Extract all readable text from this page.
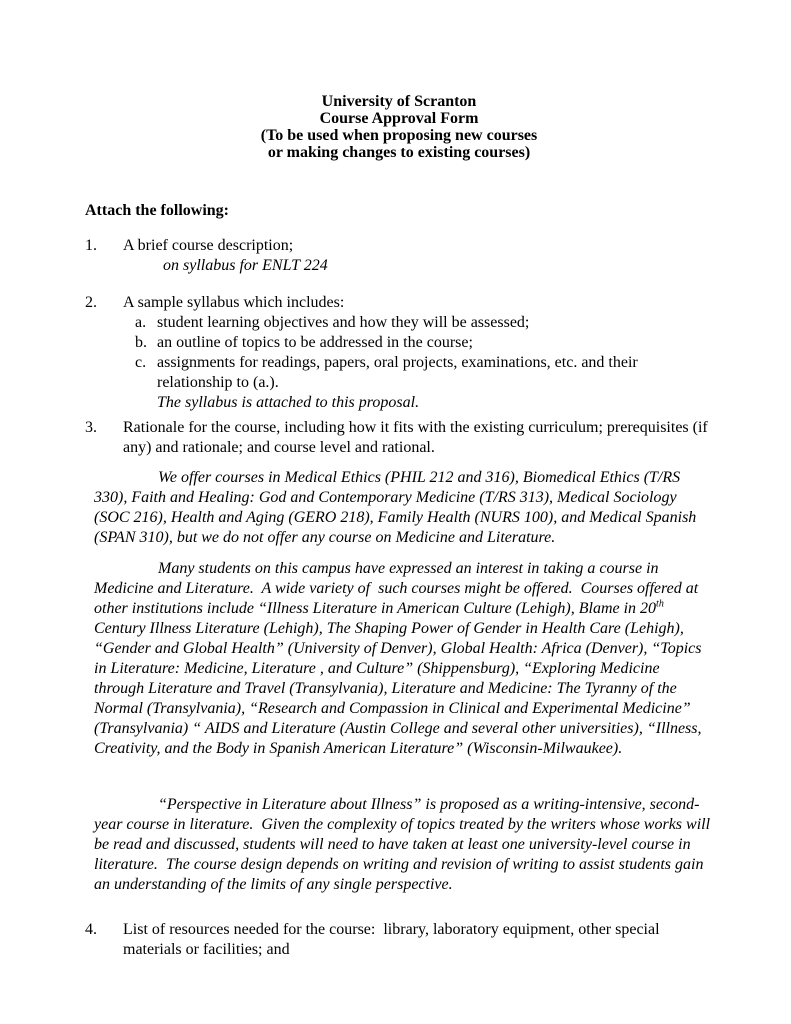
University of Scranton
Course Approval Form
(To be used when proposing new courses
or making changes to existing courses)

Attach the following:

1. A brief course description;
on syllabus for ENLT 224
2. A sample syllabus which includes:
a. student learning objectives and how they will be assessed;
b. an outline of topics to be addressed in the course;
c. assignments for readings, papers, oral projects, examinations, etc. and their relationship to (a.).
The syllabus is attached to this proposal.
3. Rationale for the course, including how it fits with the existing curriculum; prerequisites (if any) and rationale; and course level and rational.

We offer courses in Medical Ethics (PHIL 212 and 316), Biomedical Ethics (T/RS 330), Faith and Healing: God and Contemporary Medicine (T/RS 313), Medical Sociology (SOC 216), Health and Aging (GERO 218), Family Health (NURS 100), and Medical Spanish (SPAN 310), but we do not offer any course on Medicine and Literature.

Many students on this campus have expressed an interest in taking a course in Medicine and Literature.  A wide variety of  such courses might be offered.  Courses offered at other institutions include “Illness Literature in American Culture (Lehigh), Blame in 20th Century Illness Literature (Lehigh), The Shaping Power of Gender in Health Care (Lehigh), “Gender and Global Health” (University of Denver), Global Health: Africa (Denver), “Topics in Literature: Medicine, Literature , and Culture” (Shippensburg), “Exploring Medicine through Literature and Travel (Transylvania), Literature and Medicine: The Tyranny of the Normal (Transylvania), “Research and Compassion in Clinical and Experimental Medicine” (Transylvania) “ AIDS and Literature (Austin College and several other universities), “Illness, Creativity, and the Body in Spanish American Literature” (Wisconsin-Milwaukee).

“Perspective in Literature about Illness” is proposed as a writing-intensive, second-year course in literature.  Given the complexity of topics treated by the writers whose works will be read and discussed, students will need to have taken at least one university-level course in literature.  The course design depends on writing and revision of writing to assist students gain an understanding of the limits of any single perspective.

4. List of resources needed for the course:  library, laboratory equipment, other special materials or facilities; and
